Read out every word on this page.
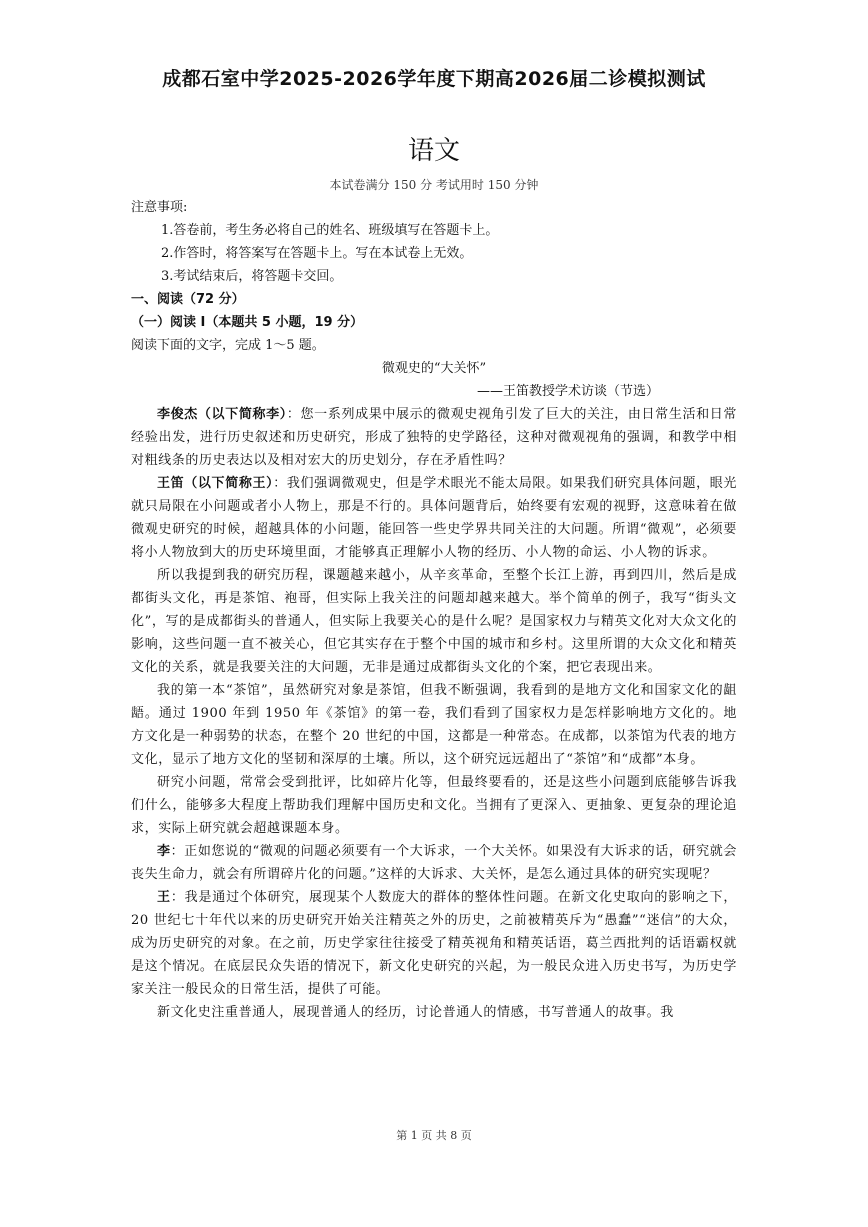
成都石室中学2025-2026学年度下期高2026届二诊模拟测试
语文
本试卷满分 150 分 考试用时 150 分钟

注意事项:

1.答卷前，考生务必将自己的姓名、班级填写在答题卡上。

2.作答时，将答案写在答题卡上。写在本试卷上无效。

3.考试结束后，将答题卡交回。

一、阅读（72 分）

（一）阅读 I（本题共 5 小题，19 分）

阅读下面的文字，完成 1～5 题。

微观史的“大关怀”

——王笛教授学术访谈（节选）

李俊杰（以下简称李）：您一系列成果中展示的微观史视角引发了巨大的关注，由日常生活和日常经验出发，进行历史叙述和历史研究，形成了独特的史学路径，这种对微观视角的强调，和教学中相对粗线条的历史表达以及相对宏大的历史划分，存在矛盾性吗？

王笛（以下简称王）：我们强调微观史，但是学术眼光不能太局限。如果我们研究具体问题，眼光就只局限在小问题或者小人物上，那是不行的。具体问题背后，始终要有宏观的视野，这意味着在做微观史研究的时候，超越具体的小问题，能回答一些史学界共同关注的大问题。所谓“微观”，必须要将小人物放到大的历史环境里面，才能够真正理解小人物的经历、小人物的命运、小人物的诉求。

所以我提到我的研究历程，课题越来越小，从辛亥革命，至整个长江上游，再到四川，然后是成都街头文化，再是茶馆、袍哥，但实际上我关注的问题却越来越大。举个简单的例子，我写“街头文化”，写的是成都街头的普通人，但实际上我要关心的是什么呢？是国家权力与精英文化对大众文化的影响，这些问题一直不被关心，但它其实存在于整个中国的城市和乡村。这里所谓的大众文化和精英文化的关系，就是我要关注的大问题，无非是通过成都街头文化的个案，把它表现出来。

我的第一本“茶馆”，虽然研究对象是茶馆，但我不断强调，我看到的是地方文化和国家文化的龃龉。通过 1900 年到 1950 年《茶馆》的第一卷，我们看到了国家权力是怎样影响地方文化的。地方文化是一种弱势的状态，在整个 20 世纪的中国，这都是一种常态。在成都，以茶馆为代表的地方文化，显示了地方文化的坚韧和深厚的土壤。所以，这个研究远远超出了“茶馆”和“成都”本身。

研究小问题，常常会受到批评，比如碎片化等，但最终要看的，还是这些小问题到底能够告诉我们什么，能够多大程度上帮助我们理解中国历史和文化。当拥有了更深入、更抽象、更复杂的理论追求，实际上研究就会超越课题本身。

李：正如您说的“微观的问题必须要有一个大诉求，一个大关怀。如果没有大诉求的话，研究就会丧失生命力，就会有所谓碎片化的问题。”这样的大诉求、大关怀，是怎么通过具体的研究实现呢？

王：我是通过个体研究，展现某个人数庞大的群体的整体性问题。在新文化史取向的影响之下，20 世纪七十年代以来的历史研究开始关注精英之外的历史，之前被精英斥为“愚蠢”“迷信”的大众，成为历史研究的对象。在之前，历史学家往往接受了精英视角和精英话语，葛兰西批判的话语霸权就是这个情况。在底层民众失语的情况下，新文化史研究的兴起，为一般民众进入历史书写，为历史学家关注一般民众的日常生活，提供了可能。

新文化史注重普通人，展现普通人的经历，讨论普通人的情感，书写普通人的故事。我

第 1 页 共 8 页
